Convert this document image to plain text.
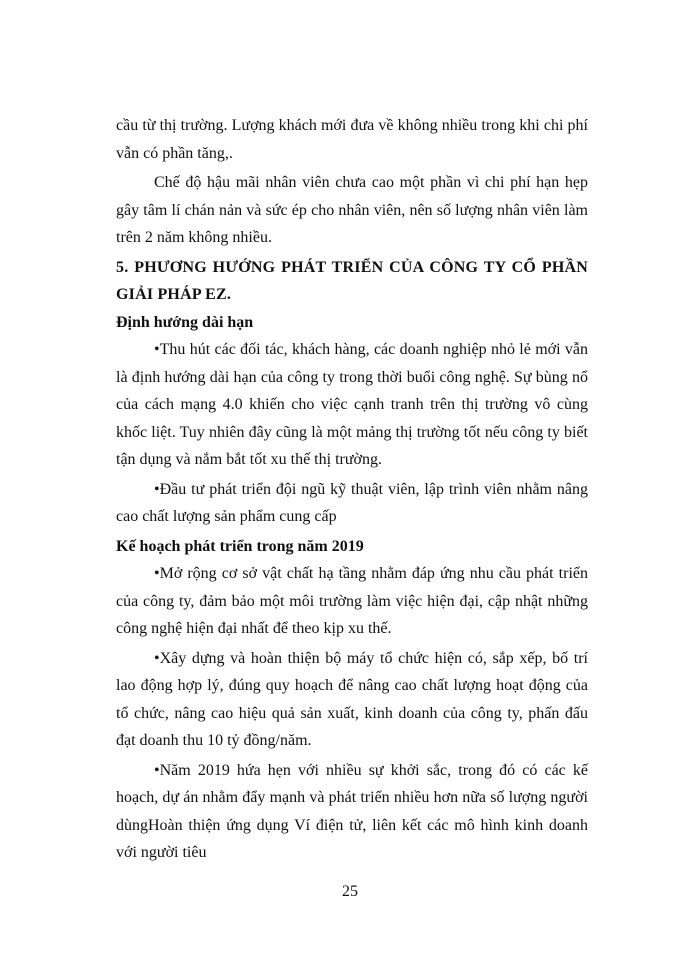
cầu từ thị trường. Lượng khách mới đưa về không nhiều trong khi chi phí vẫn có phần tăng,.

Chế độ hậu mãi nhân viên chưa cao một phần vì chi phí hạn hẹp gây tâm lí chán nản và sức ép cho nhân viên, nên số lượng nhân viên làm trên 2 năm không nhiều.

5. PHƯƠNG HƯỚNG PHÁT TRIỂN CỦA CÔNG TY CỔ PHẦN GIẢI PHÁP EZ.

Định hướng dài hạn

•Thu hút các đối tác, khách hàng, các doanh nghiệp nhỏ lẻ mới vẫn là định hướng dài hạn của công ty trong thời buổi công nghệ. Sự bùng nổ của cách mạng 4.0 khiến cho việc cạnh tranh trên thị trường vô cùng khốc liệt. Tuy nhiên đây cũng là một mảng thị trường tốt nếu công ty biết tận dụng và nắm bắt tốt xu thế thị trường.

•Đầu tư phát triển đội ngũ kỹ thuật viên, lập trình viên nhằm nâng cao chất lượng sản phẩm cung cấp

Kế hoạch phát triển trong năm 2019

•Mở rộng cơ sở vật chất hạ tầng nhằm đáp ứng nhu cầu phát triển của công ty, đảm bảo một môi trường làm việc hiện đại, cập nhật những công nghệ hiện đại nhất để theo kịp xu thế.

•Xây dựng và hoàn thiện bộ máy tổ chức hiện có, sắp xếp, bố trí lao động hợp lý, đúng quy hoạch để nâng cao chất lượng hoạt động của tổ chức, nâng cao hiệu quả sản xuất, kinh doanh của công ty, phấn đấu đạt doanh thu 10 tỷ đồng/năm.

•Năm 2019 hứa hẹn với nhiều sự khởi sắc, trong đó có các kế hoạch, dự án nhằm đẩy mạnh và phát triển nhiều hơn nữa số lượng người dùngHoàn thiện ứng dụng Ví điện tử, liên kết các mô hình kinh doanh với người tiêu

25
